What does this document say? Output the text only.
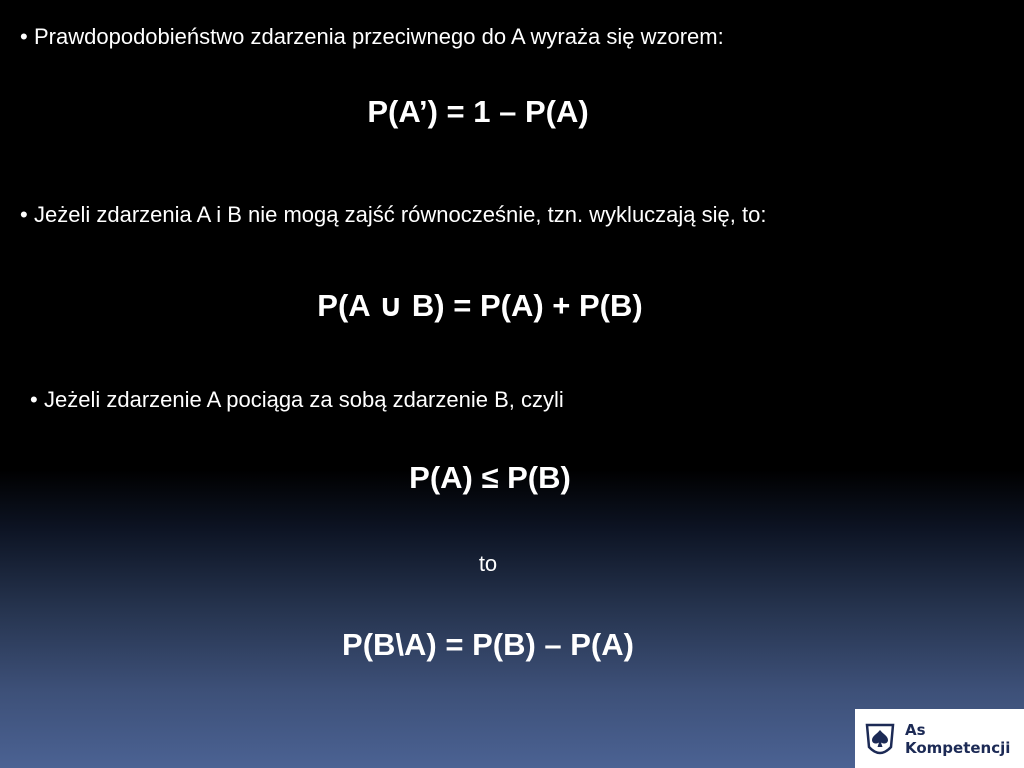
• Prawdopodobieństwo zdarzenia przeciwnego do A wyraża się wzorem:
P(A’) = 1 – P(A)
• Jeżeli zdarzenia A i B nie mogą zajść równocześnie, tzn. wykluczają się, to:
P(A ∪ B) = P(A) + P(B)
• Jeżeli zdarzenie A pociąga za sobą zdarzenie B, czyli
P(A) ≤ P(B)
to
P(B\A) = P(B) – P(A)
As
Kompetencji
